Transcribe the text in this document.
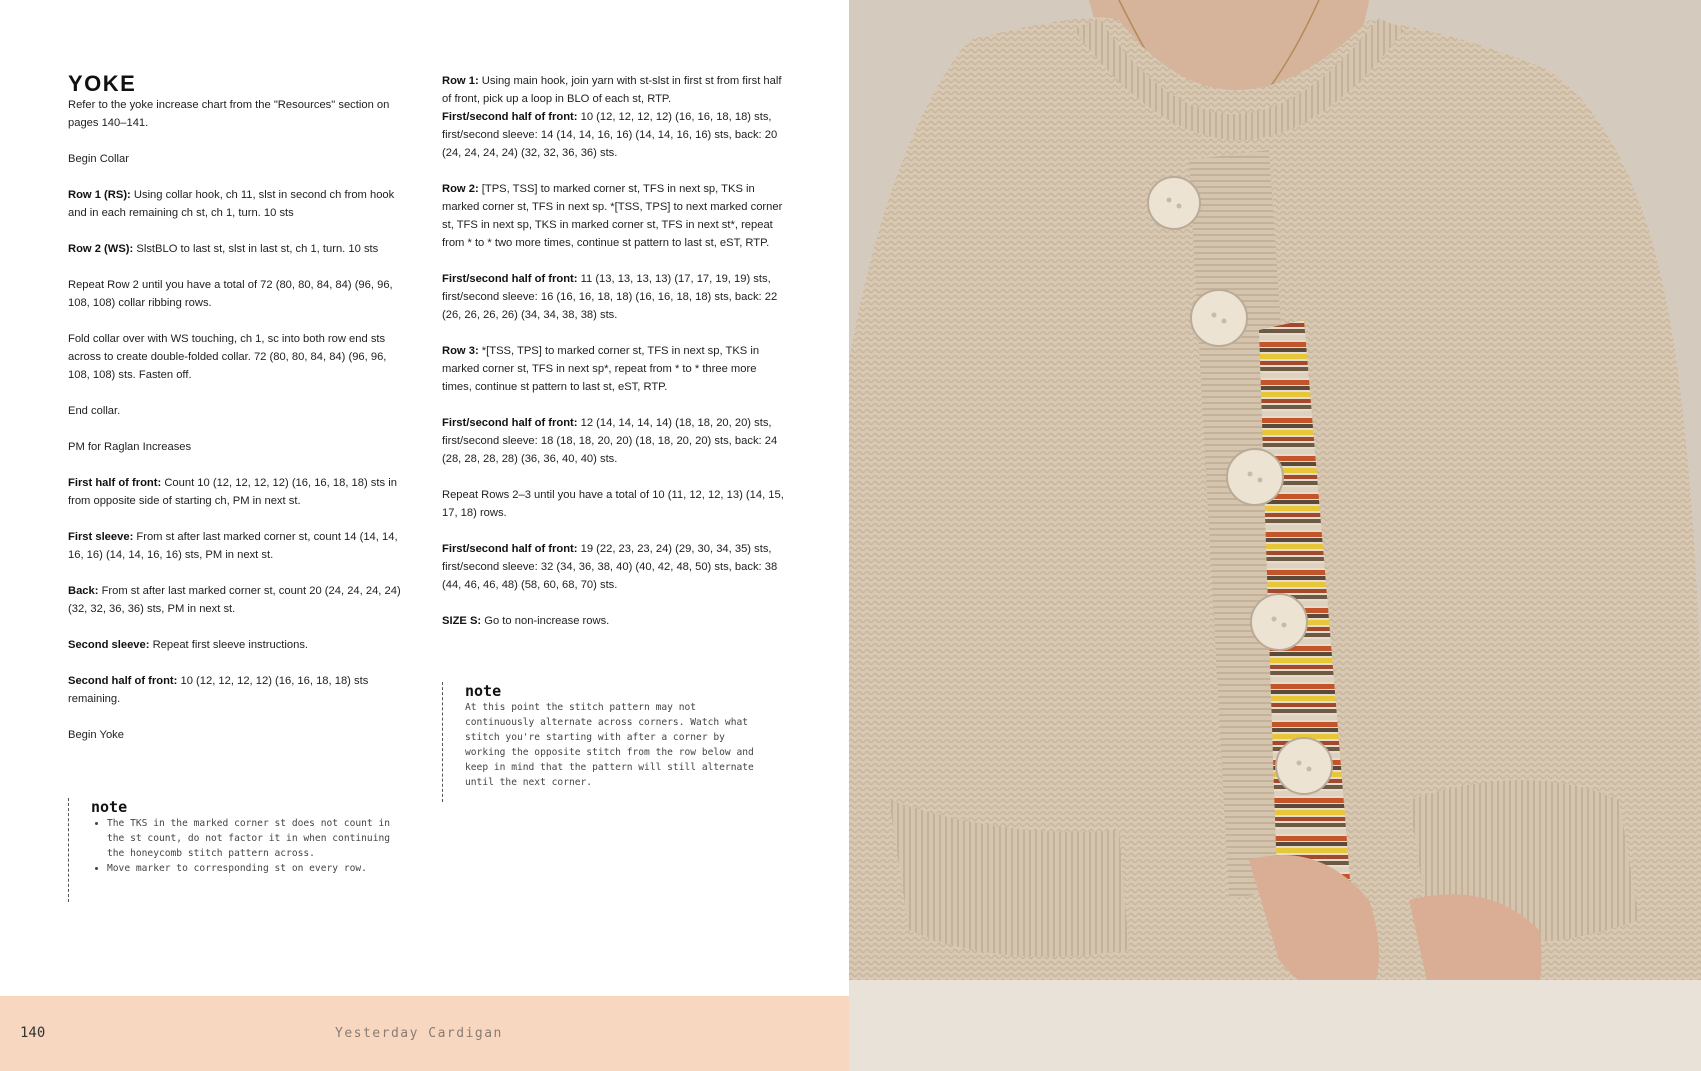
YOKE

Refer to the yoke increase chart from the "Resources" section on pages 140–141.

Begin Collar

Row 1 (RS): Using collar hook, ch 11, slst in second ch from hook and in each remaining ch st, ch 1, turn. 10 sts

Row 2 (WS): SlstBLO to last st, slst in last st, ch 1, turn. 10 sts

Repeat Row 2 until you have a total of 72 (80, 80, 84, 84) (96, 96, 108, 108) collar ribbing rows.

Fold collar over with WS touching, ch 1, sc into both row end sts across to create double-folded collar. 72 (80, 80, 84, 84) (96, 96, 108, 108) sts. Fasten off.

End collar.

PM for Raglan Increases

First half of front: Count 10 (12, 12, 12, 12) (16, 16, 18, 18) sts in from opposite side of starting ch, PM in next st.

First sleeve: From st after last marked corner st, count 14 (14, 14, 16, 16) (14, 14, 16, 16) sts, PM in next st.

Back: From st after last marked corner st, count 20 (24, 24, 24, 24) (32, 32, 36, 36) sts, PM in next st.

Second sleeve: Repeat first sleeve instructions.

Second half of front: 10 (12, 12, 12, 12) (16, 16, 18, 18) sts remaining.

Begin Yoke

note
• The TKS in the marked corner st does not count in the st count, do not factor it in when continuing the honeycomb stitch pattern across.
• Move marker to corresponding st on every row.

Row 1: Using main hook, join yarn with st-slst in first st from first half of front, pick up a loop in BLO of each st, RTP.

First/second half of front: 10 (12, 12, 12, 12) (16, 16, 18, 18) sts, first/second sleeve: 14 (14, 14, 16, 16) (14, 14, 16, 16) sts, back: 20 (24, 24, 24, 24) (32, 32, 36, 36) sts.

Row 2: [TPS, TSS] to marked corner st, TFS in next sp, TKS in marked corner st, TFS in next sp. *[TSS, TPS] to next marked corner st, TFS in next sp, TKS in marked corner st, TFS in next st*, repeat from * to * two more times, continue st pattern to last st, eST, RTP.

First/second half of front: 11 (13, 13, 13, 13) (17, 17, 19, 19) sts, first/second sleeve: 16 (16, 16, 18, 18) (16, 16, 18, 18) sts, back: 22 (26, 26, 26, 26) (34, 34, 38, 38) sts.

Row 3: *[TSS, TPS] to marked corner st, TFS in next sp, TKS in marked corner st, TFS in next sp*, repeat from * to * three more times, continue st pattern to last st, eST, RTP.

First/second half of front: 12 (14, 14, 14, 14) (18, 18, 20, 20) sts, first/second sleeve: 18 (18, 18, 20, 20) (18, 18, 20, 20) sts, back: 24 (28, 28, 28, 28) (36, 36, 40, 40) sts.

Repeat Rows 2–3 until you have a total of 10 (11, 12, 12, 13) (14, 15, 17, 18) rows.

First/second half of front: 19 (22, 23, 23, 24) (29, 30, 34, 35) sts, first/second sleeve: 32 (34, 36, 38, 40) (40, 42, 48, 50) sts, back: 38 (44, 46, 46, 48) (58, 60, 68, 70) sts.

SIZE S: Go to non-increase rows.

note
At this point the stitch pattern may not continuously alternate across corners. Watch what stitch you're starting with after a corner by working the opposite stitch from the row below and keep in mind that the pattern will still alternate until the next corner.
140	Yesterday Cardigan
